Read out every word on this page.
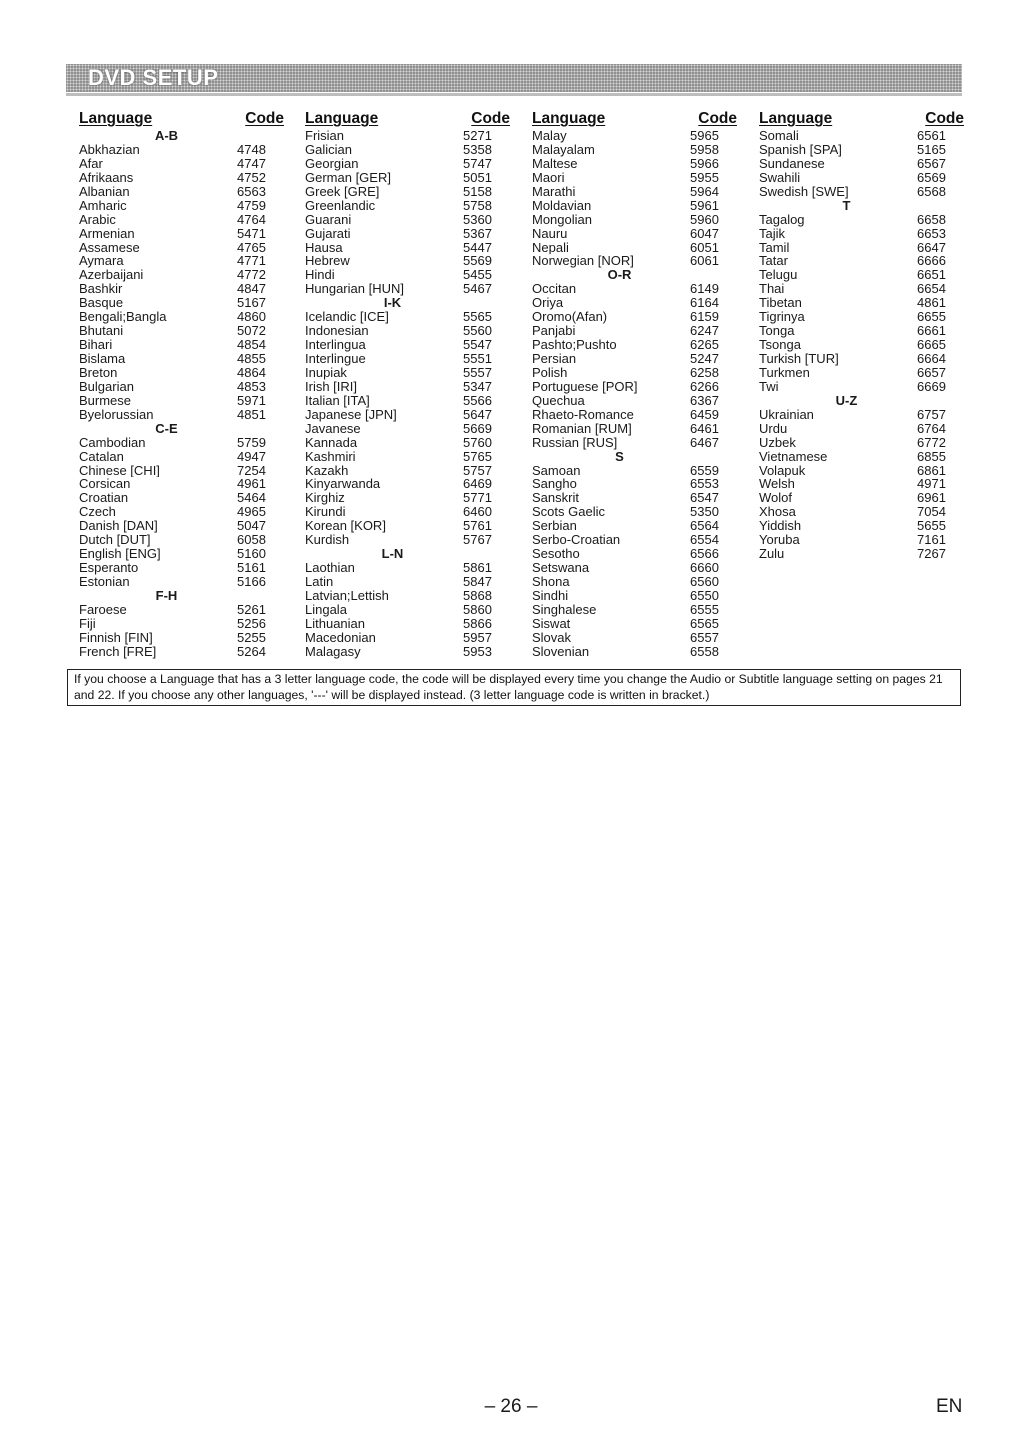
DVD SETUP
Language	Code
A-B
Abkhazian	4748
Afar	4747
Afrikaans	4752
Albanian	6563
Amharic	4759
Arabic	4764
Armenian	5471
Assamese	4765
Aymara	4771
Azerbaijani	4772
Bashkir	4847
Basque	5167
Bengali;Bangla	4860
Bhutani	5072
Bihari	4854
Bislama	4855
Breton	4864
Bulgarian	4853
Burmese	5971
Byelorussian	4851
C-E
Cambodian	5759
Catalan	4947
Chinese [CHI]	7254
Corsican	4961
Croatian	5464
Czech	4965
Danish [DAN]	5047
Dutch [DUT]	6058
English [ENG]	5160
Esperanto	5161
Estonian	5166
F-H
Faroese	5261
Fiji	5256
Finnish [FIN]	5255
French [FRE]	5264
Language	Code
Frisian	5271
Galician	5358
Georgian	5747
German [GER]	5051
Greek [GRE]	5158
Greenlandic	5758
Guarani	5360
Gujarati	5367
Hausa	5447
Hebrew	5569
Hindi	5455
Hungarian [HUN]	5467
I-K
Icelandic [ICE]	5565
Indonesian	5560
Interlingua	5547
Interlingue	5551
Inupiak	5557
Irish [IRI]	5347
Italian [ITA]	5566
Japanese [JPN]	5647
Javanese	5669
Kannada	5760
Kashmiri	5765
Kazakh	5757
Kinyarwanda	6469
Kirghiz	5771
Kirundi	6460
Korean [KOR]	5761
Kurdish	5767
L-N
Laothian	5861
Latin	5847
Latvian;Lettish	5868
Lingala	5860
Lithuanian	5866
Macedonian	5957
Malagasy	5953
Language	Code
Malay	5965
Malayalam	5958
Maltese	5966
Maori	5955
Marathi	5964
Moldavian	5961
Mongolian	5960
Nauru	6047
Nepali	6051
Norwegian [NOR]	6061
O-R
Occitan	6149
Oriya	6164
Oromo(Afan)	6159
Panjabi	6247
Pashto;Pushto	6265
Persian	5247
Polish	6258
Portuguese [POR]	6266
Quechua	6367
Rhaeto-Romance	6459
Romanian [RUM]	6461
Russian [RUS]	6467
S
Samoan	6559
Sangho	6553
Sanskrit	6547
Scots Gaelic	5350
Serbian	6564
Serbo-Croatian	6554
Sesotho	6566
Setswana	6660
Shona	6560
Sindhi	6550
Singhalese	6555
Siswat	6565
Slovak	6557
Slovenian	6558
Language	Code
Somali	6561
Spanish [SPA]	5165
Sundanese	6567
Swahili	6569
Swedish [SWE]	6568
T
Tagalog	6658
Tajik	6653
Tamil	6647
Tatar	6666
Telugu	6651
Thai	6654
Tibetan	4861
Tigrinya	6655
Tonga	6661
Tsonga	6665
Turkish [TUR]	6664
Turkmen	6657
Twi	6669
U-Z
Ukrainian	6757
Urdu	6764
Uzbek	6772
Vietnamese	6855
Volapuk	6861
Welsh	4971
Wolof	6961
Xhosa	7054
Yiddish	5655
Yoruba	7161
Zulu	7267
If you choose a Language that has a 3 letter language code, the code will be displayed every time you change the Audio or Subtitle language setting on pages 21 and 22. If you choose any other languages, '---' will be displayed instead. (3 letter language code is written in bracket.)
– 26 –	EN
